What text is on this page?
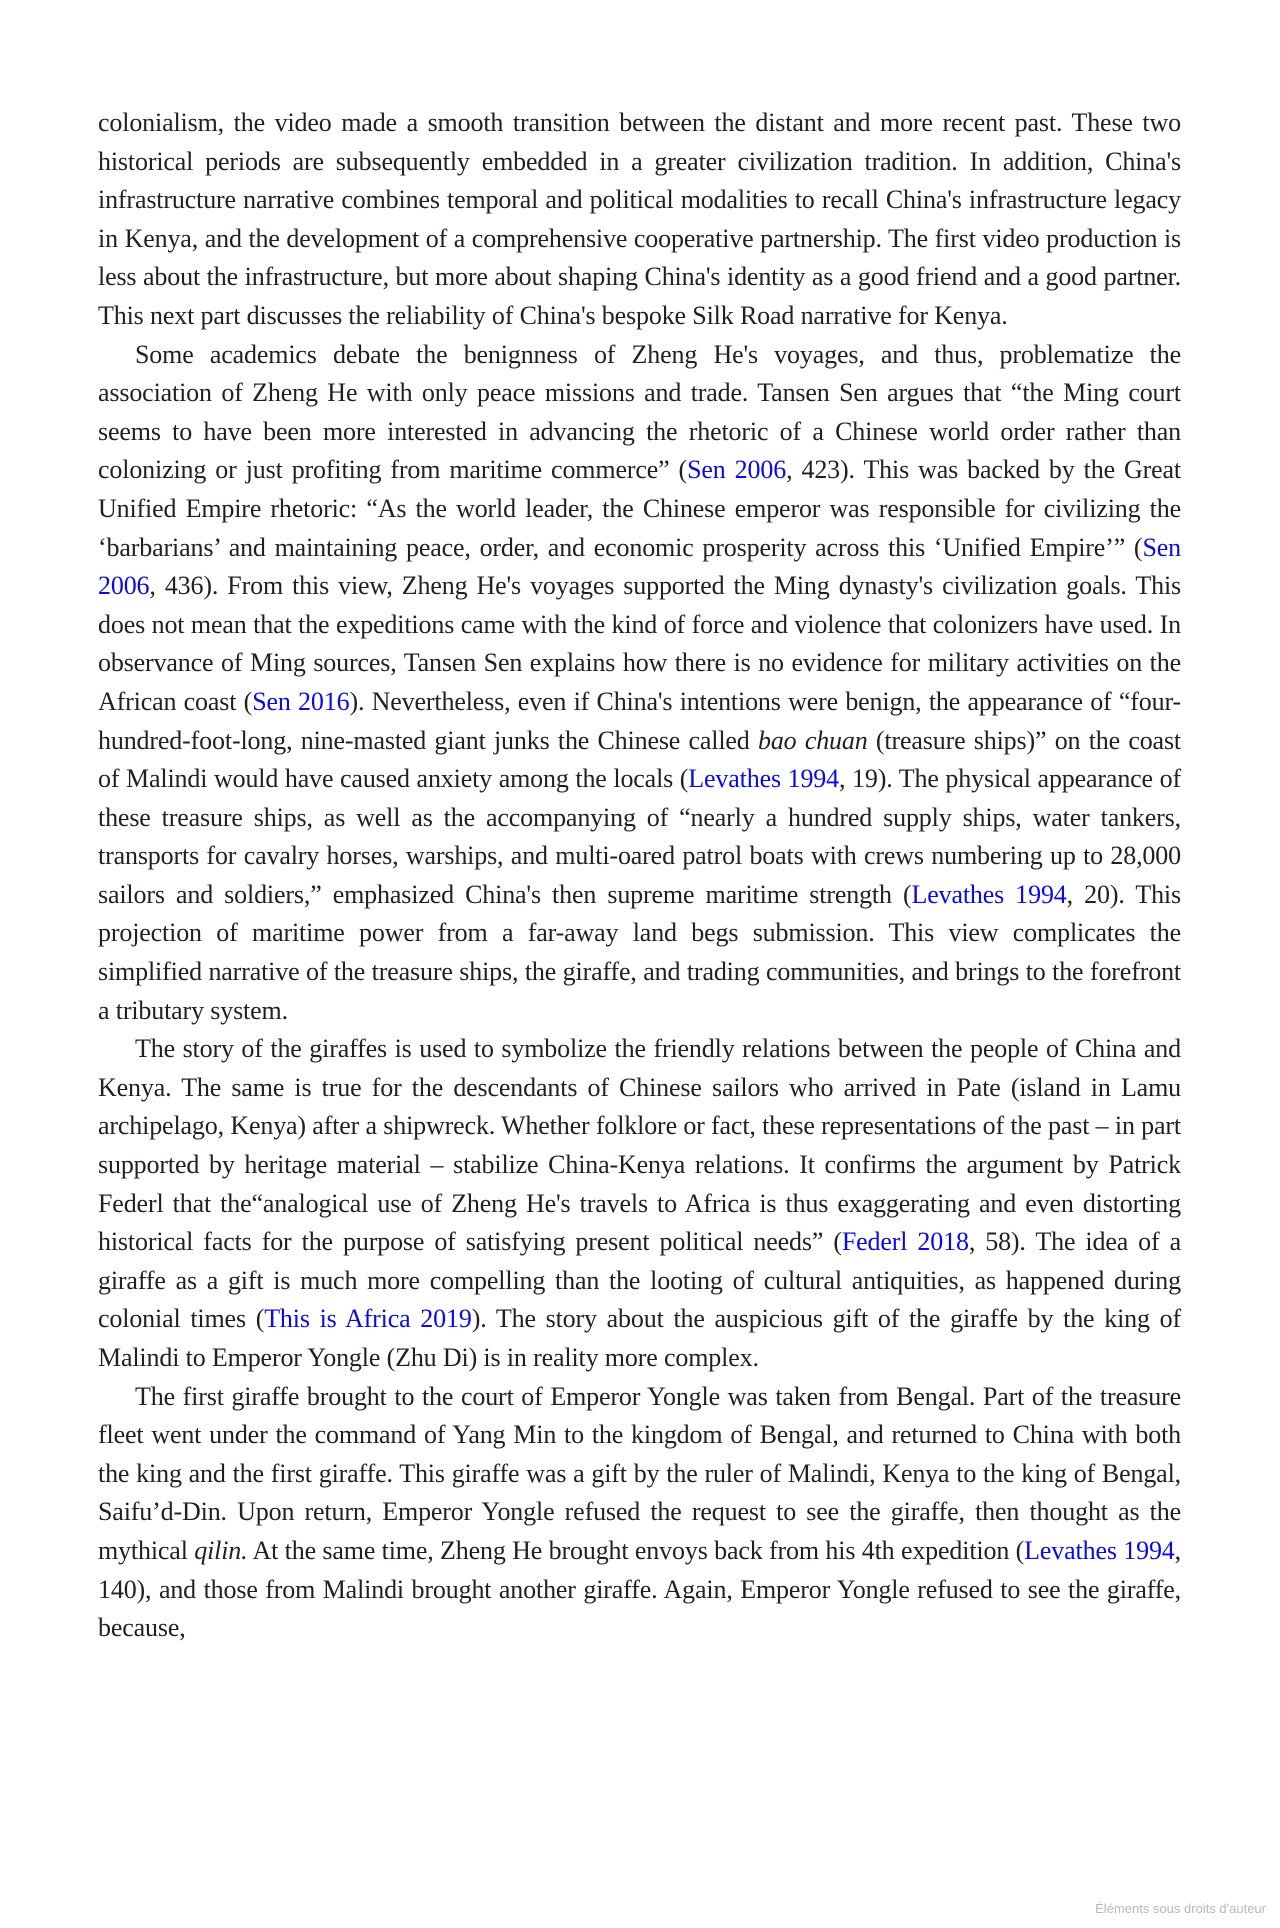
colonialism, the video made a smooth transition between the distant and more recent past. These two historical periods are subsequently embedded in a greater civilization tradition. In addition, China's infrastructure narrative combines temporal and political modalities to recall China's infrastructure legacy in Kenya, and the development of a comprehensive cooperative partnership. The first video production is less about the infrastructure, but more about shaping China's identity as a good friend and a good partner. This next part discusses the reliability of China's bespoke Silk Road narrative for Kenya.

Some academics debate the benignness of Zheng He's voyages, and thus, problematize the association of Zheng He with only peace missions and trade. Tansen Sen argues that “the Ming court seems to have been more interested in advancing the rhetoric of a Chinese world order rather than colonizing or just profiting from maritime commerce” (Sen 2006, 423). This was backed by the Great Unified Empire rhetoric: “As the world leader, the Chinese emperor was responsible for civilizing the ‘barbarians’ and maintaining peace, order, and economic prosperity across this ‘Unified Empire’” (Sen 2006, 436). From this view, Zheng He's voyages supported the Ming dynasty's civilization goals. This does not mean that the expeditions came with the kind of force and violence that colonizers have used. In observance of Ming sources, Tansen Sen explains how there is no evidence for military activities on the African coast (Sen 2016). Nevertheless, even if China's intentions were benign, the appearance of “four-hundred-foot-long, nine-masted giant junks the Chinese called bao chuan (treasure ships)” on the coast of Malindi would have caused anxiety among the locals (Levathes 1994, 19). The physical appearance of these treasure ships, as well as the accompanying of “nearly a hundred supply ships, water tankers, transports for cavalry horses, warships, and multi-oared patrol boats with crews numbering up to 28,000 sailors and soldiers,” emphasized China's then supreme maritime strength (Levathes 1994, 20). This projection of maritime power from a far-away land begs submission. This view complicates the simplified narrative of the treasure ships, the giraffe, and trading communities, and brings to the forefront a tributary system.

The story of the giraffes is used to symbolize the friendly relations between the people of China and Kenya. The same is true for the descendants of Chinese sailors who arrived in Pate (island in Lamu archipelago, Kenya) after a shipwreck. Whether folklore or fact, these representations of the past – in part supported by heritage material – stabilize China-Kenya relations. It confirms the argument by Patrick Federl that the“analogical use of Zheng He's travels to Africa is thus exaggerating and even distorting historical facts for the purpose of satisfying present political needs” (Federl 2018, 58). The idea of a giraffe as a gift is much more compelling than the looting of cultural antiquities, as happened during colonial times (This is Africa 2019). The story about the auspicious gift of the giraffe by the king of Malindi to Emperor Yongle (Zhu Di) is in reality more complex.

The first giraffe brought to the court of Emperor Yongle was taken from Bengal. Part of the treasure fleet went under the command of Yang Min to the kingdom of Bengal, and returned to China with both the king and the first giraffe. This giraffe was a gift by the ruler of Malindi, Kenya to the king of Bengal, Saifu’d-Din. Upon return, Emperor Yongle refused the request to see the giraffe, then thought as the mythical qilin. At the same time, Zheng He brought envoys back from his 4th expedition (Levathes 1994, 140), and those from Malindi brought another giraffe. Again, Emperor Yongle refused to see the giraffe, because,

Éléments sous droits d'auteur
